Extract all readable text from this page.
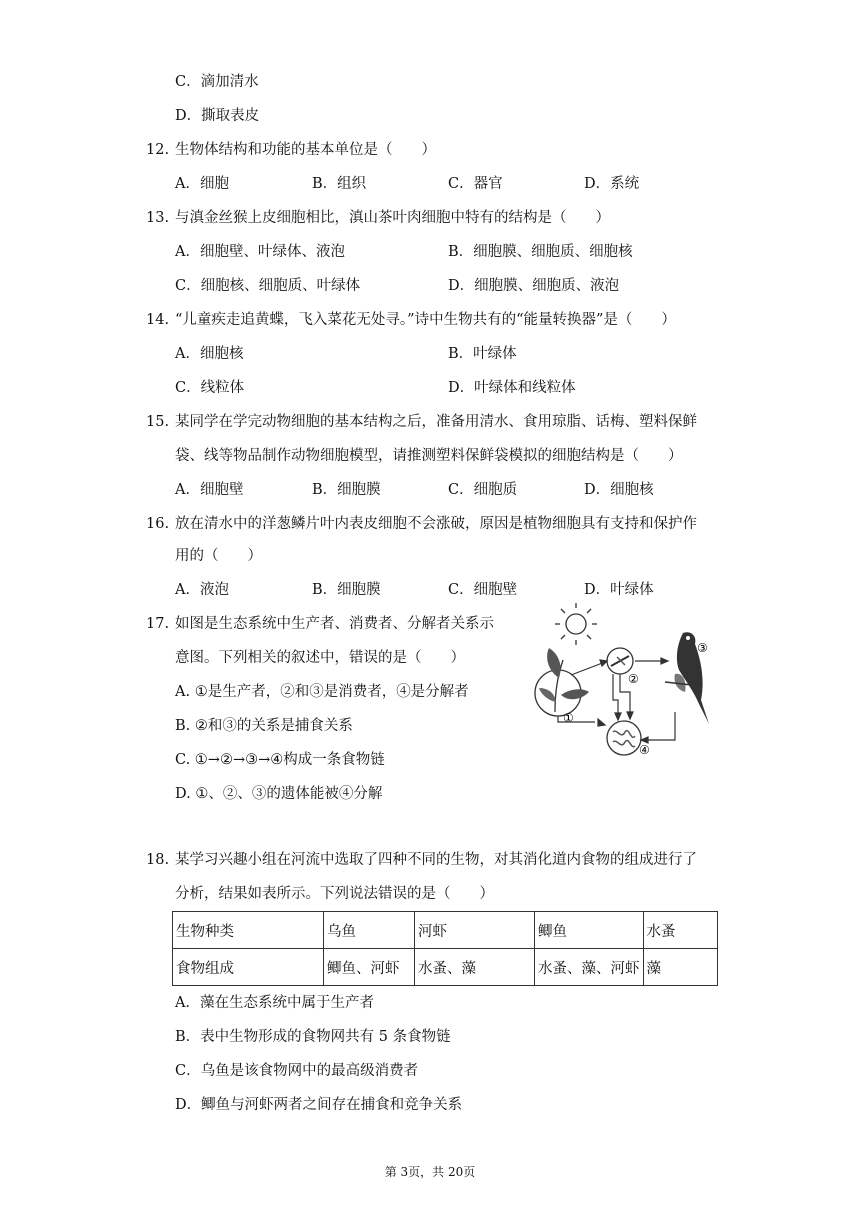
C．滴加清水
D．撕取表皮
12. 生物体结构和功能的基本单位是（　　）
A．细胞	B．组织	C．器官	D．系统
13. 与滇金丝猴上皮细胞相比，滇山茶叶肉细胞中特有的结构是（　　）
A．细胞壁、叶绿体、液泡	B．细胞膜、细胞质、细胞核
C．细胞核、细胞质、叶绿体	D．细胞膜、细胞质、液泡
14. “儿童疾走追黄蝶，飞入菜花无处寻。”诗中生物共有的“能量转换器”是（　　）
A．细胞核	B．叶绿体
C．线粒体	D．叶绿体和线粒体
15. 某同学在学完动物细胞的基本结构之后，准备用清水、食用琼脂、话梅、塑料保鲜
袋、线等物品制作动物细胞模型，请推测塑料保鲜袋模拟的细胞结构是（　　）
A．细胞壁	B．细胞膜	C．细胞质	D．细胞核
16. 放在清水中的洋葱鳞片叶内表皮细胞不会涨破，原因是植物细胞具有支持和保护作
用的（　　）
A．液泡	B．细胞膜	C．细胞壁	D．叶绿体
17. 如图是生态系统中生产者、消费者、分解者关系示
意图。下列相关的叙述中，错误的是（　　）
A. ①是生产者，②和③是消费者，④是分解者
B. ②和③的关系是捕食关系
C. ①→②→③→④构成一条食物链
D. ①、②、③的遗体能被④分解
①
②
③
④
18. 某学习兴趣小组在河流中选取了四种不同的生物，对其消化道内食物的组成进行了
分析，结果如表所示。下列说法错误的是（　　）
生物种类	乌鱼	河虾	鲫鱼	水蚤
食物组成	鲫鱼、河虾	水蚤、藻	水蚤、藻、河虾	藻
A．藻在生态系统中属于生产者
B．表中生物形成的食物网共有 5 条食物链
C．乌鱼是该食物网中的最高级消费者
D．鲫鱼与河虾两者之间存在捕食和竞争关系
第 3页，共 20页
